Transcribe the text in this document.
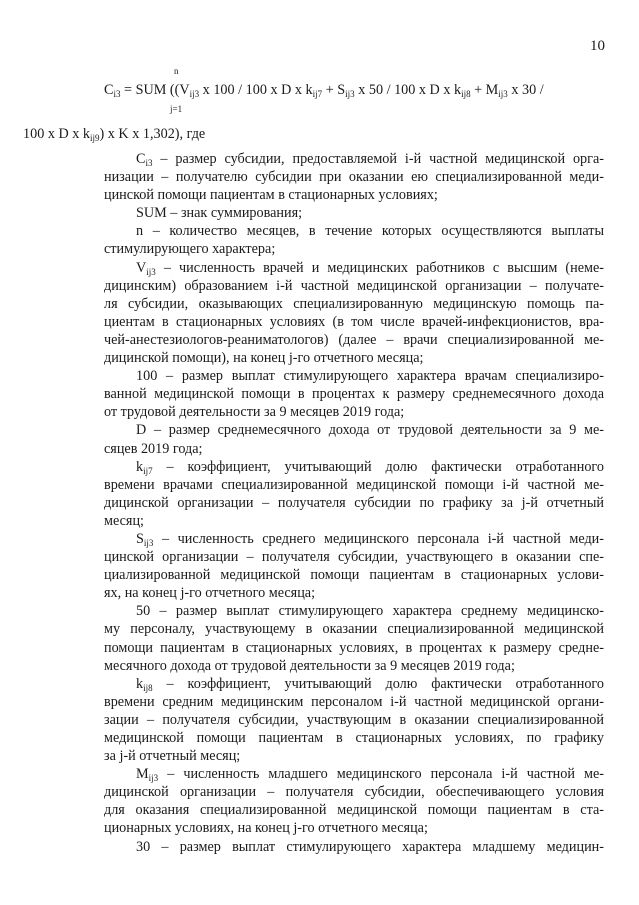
10
$C_{i3}$ = SUM (($V_{ij3}$ x 100 / 100 x D x $k_{ij7} + S_{ij3}$ x 50 / 100 x D x $k_{ij8} + M_{ij3}$ x 30 /
n
j=1
100 x D x $k_{ij9}$) x K x 1,302), где
$C_{i3}$ – размер субсидии, предоставляемой i-й частной медицинской орга-
низации – получателю субсидии при оказании ею специализированной меди-
цинской помощи пациентам в стационарных условиях;
SUM – знак суммирования;
n – количество месяцев, в течение которых осуществляются выплаты
стимулирующего характера;
$V_{ij3}$ – численность врачей и медицинских работников с высшим (неме-
дицинским) образованием i-й частной медицинской организации – получате-
ля субсидии, оказывающих специализированную медицинскую помощь па-
циентам в стационарных условиях (в том числе врачей-инфекционистов, вра-
чей-анестезиологов-реаниматологов) (далее – врачи специализированной ме-
дицинской помощи), на конец j-го отчетного месяца;
100 – размер выплат стимулирующего характера врачам специализиро-
ванной медицинской помощи в процентах к размеру среднемесячного дохода
от трудовой деятельности за 9 месяцев 2019 года;
D – размер среднемесячного дохода от трудовой деятельности за 9 ме-
сяцев 2019 года;
$k_{ij7}$ – коэффициент, учитывающий долю фактически отработанного
времени врачами специализированной медицинской помощи i-й частной ме-
дицинской организации – получателя субсидии по графику за j-й отчетный
месяц;
$S_{ij3}$ – численность среднего медицинского персонала i-й частной меди-
цинской организации – получателя субсидии, участвующего в оказании спе-
циализированной медицинской помощи пациентам в стационарных услови-
ях, на конец j-го отчетного месяца;
50 – размер выплат стимулирующего характера среднему медицинско-
му персоналу, участвующему в оказании специализированной медицинской
помощи пациентам в стационарных условиях, в процентах к размеру средне-
месячного дохода от трудовой деятельности за 9 месяцев 2019 года;
$k_{ij8}$ – коэффициент, учитывающий долю фактически отработанного
времени средним медицинским персоналом i-й частной медицинской органи-
зации – получателя субсидии, участвующим в оказании специализированной
медицинской помощи пациентам в стационарных условиях, по графику
за j-й отчетный месяц;
$M_{ij3}$ – численность младшего медицинского персонала i-й частной ме-
дицинской организации – получателя субсидии, обеспечивающего условия
для оказания специализированной медицинской помощи пациентам в ста-
ционарных условиях, на конец j-го отчетного месяца;
30 – размер выплат стимулирующего характера младшему медицин-
